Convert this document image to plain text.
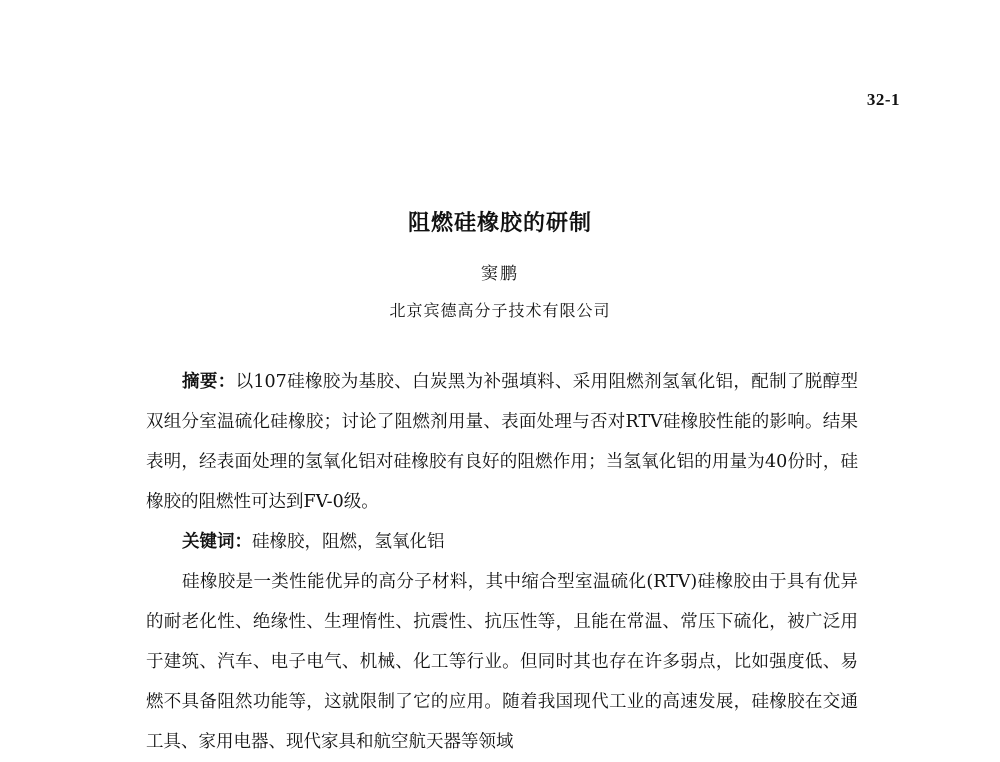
32-1
阻燃硅橡胶的研制
窦鹏
北京宾德高分子技术有限公司

摘要：以107硅橡胶为基胶、白炭黑为补强填料、采用阻燃剂氢氧化铝，配制了脱醇型双组分室温硫化硅橡胶；讨论了阻燃剂用量、表面处理与否对RTV硅橡胶性能的影响。结果表明，经表面处理的氢氧化铝对硅橡胶有良好的阻燃作用；当氢氧化铝的用量为40份时，硅橡胶的阻燃性可达到FV-0级。

关键词：硅橡胶，阻燃，氢氧化铝

硅橡胶是一类性能优异的高分子材料，其中缩合型室温硫化(RTV)硅橡胶由于具有优异的耐老化性、绝缘性、生理惰性、抗震性、抗压性等，且能在常温、常压下硫化，被广泛用于建筑、汽车、电子电气、机械、化工等行业。但同时其也存在许多弱点，比如强度低、易燃不具备阻然功能等，这就限制了它的应用。随着我国现代工业的高速发展，硅橡胶在交通工具、家用电器、现代家具和航空航天器等领域
